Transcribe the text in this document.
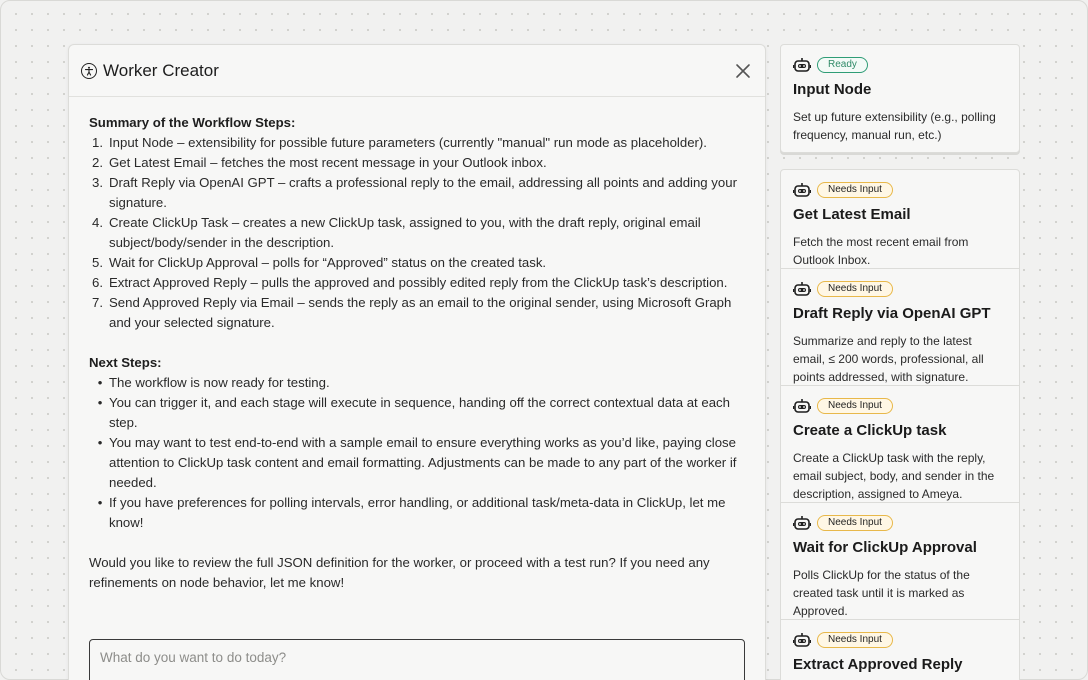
Worker Creator
Summary of the Workflow Steps:
1. Input Node – extensibility for possible future parameters (currently "manual" run mode as placeholder).
2. Get Latest Email – fetches the most recent message in your Outlook inbox.
3. Draft Reply via OpenAI GPT – crafts a professional reply to the email, addressing all points and adding your signature.
4. Create ClickUp Task – creates a new ClickUp task, assigned to you, with the draft reply, original email subject/body/sender in the description.
5. Wait for ClickUp Approval – polls for “Approved” status on the created task.
6. Extract Approved Reply – pulls the approved and possibly edited reply from the ClickUp task’s description.
7. Send Approved Reply via Email – sends the reply as an email to the original sender, using Microsoft Graph and your selected signature.
Next Steps:
• The workflow is now ready for testing.
• You can trigger it, and each stage will execute in sequence, handing off the correct contextual data at each step.
• You may want to test end-to-end with a sample email to ensure everything works as you’d like, paying close attention to ClickUp task content and email formatting. Adjustments can be made to any part of the worker if needed.
• If you have preferences for polling intervals, error handling, or additional task/meta-data in ClickUp, let me know!
Would you like to review the full JSON definition for the worker, or proceed with a test run? If you need any refinements on node behavior, let me know!
What do you want to do today?
Ready
Input Node
Set up future extensibility (e.g., polling frequency, manual run, etc.)
Needs Input
Get Latest Email
Fetch the most recent email from Outlook Inbox.
Needs Input
Draft Reply via OpenAI GPT
Summarize and reply to the latest email, ≤ 200 words, professional, all points addressed, with signature.
Needs Input
Create a ClickUp task
Create a ClickUp task with the reply, email subject, body, and sender in the description, assigned to Ameya.
Needs Input
Wait for ClickUp Approval
Polls ClickUp for the status of the created task until it is marked as Approved.
Needs Input
Extract Approved Reply
